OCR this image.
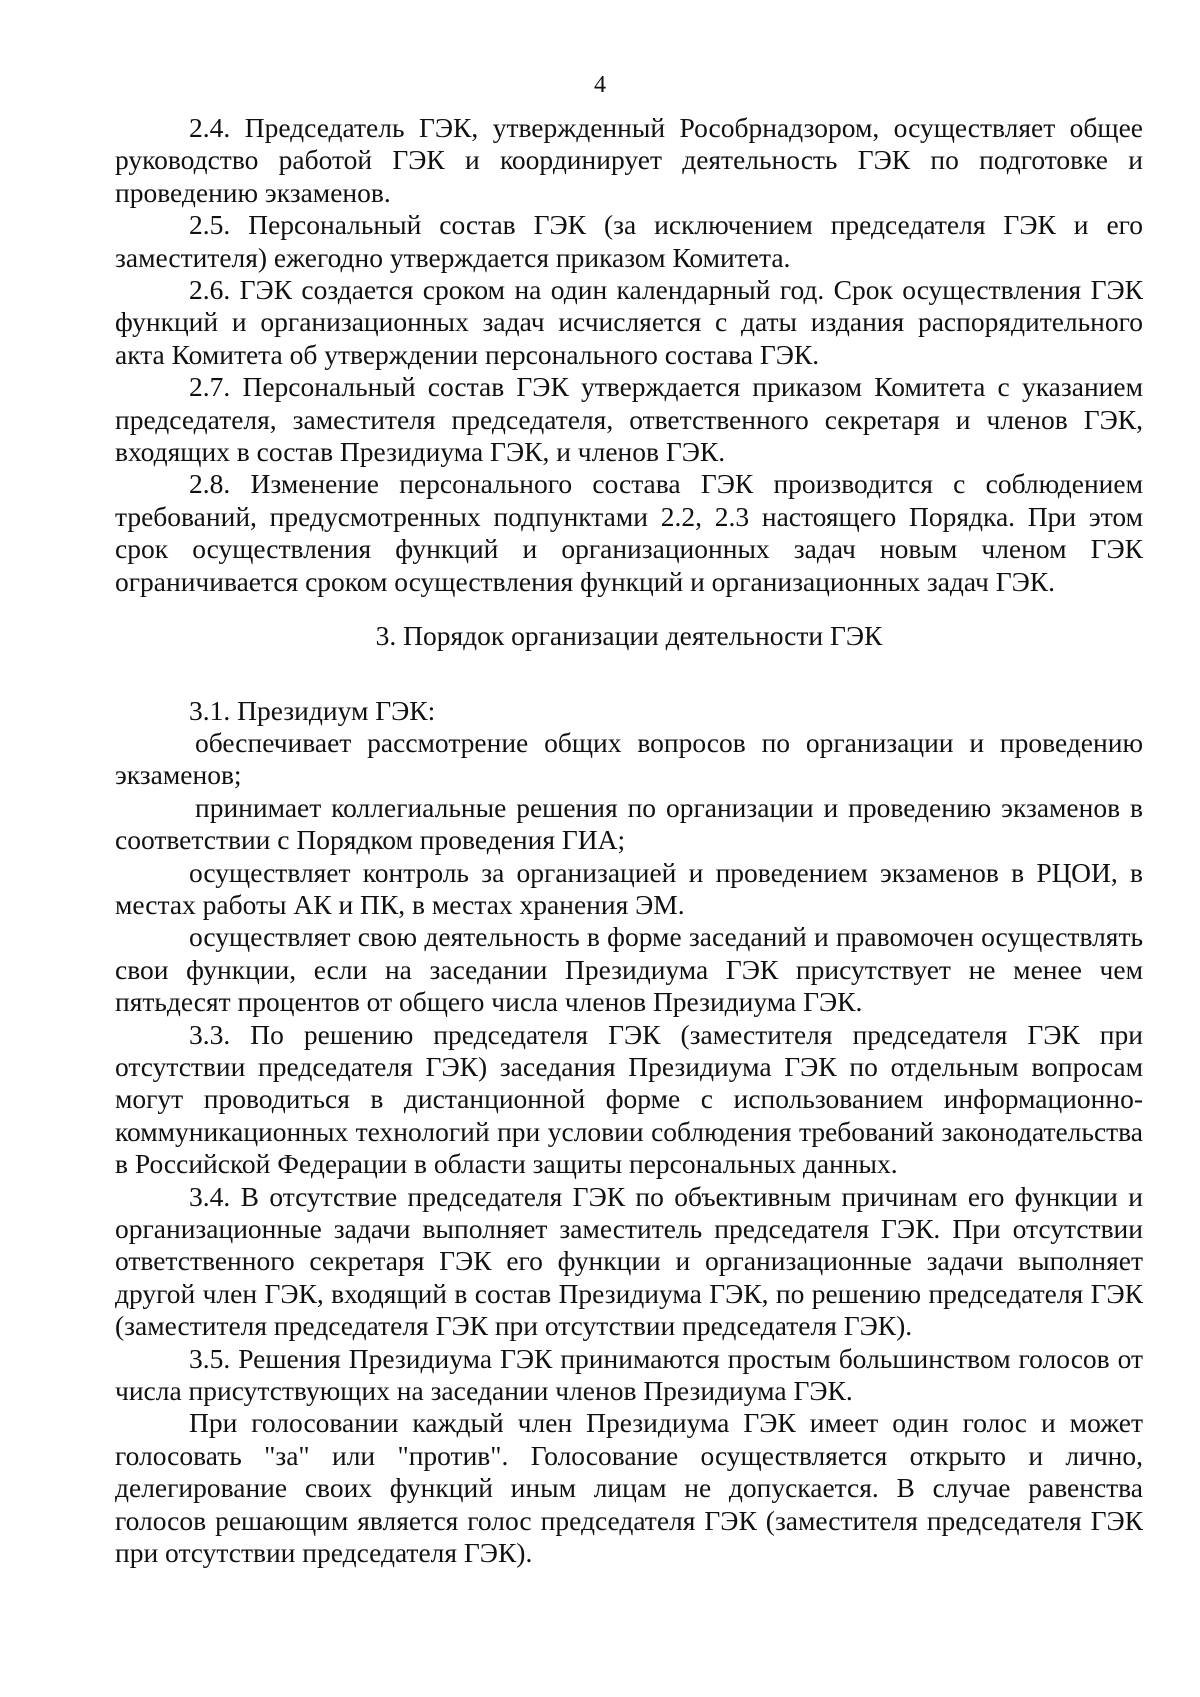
4

2.4. Председатель ГЭК, утвержденный Рособрнадзором, осуществляет общее руководство работой ГЭК и координирует деятельность ГЭК по подготовке и проведению экзаменов.

2.5. Персональный состав ГЭК (за исключением председателя ГЭК и его заместителя) ежегодно утверждается приказом Комитета.

2.6. ГЭК создается сроком на один календарный год. Срок осуществления ГЭК функций и организационных задач исчисляется с даты издания распорядительного акта Комитета об утверждении персонального состава ГЭК.

2.7. Персональный состав ГЭК утверждается приказом Комитета с указанием председателя, заместителя председателя, ответственного секретаря и членов ГЭК, входящих в состав Президиума ГЭК, и членов ГЭК.

2.8. Изменение персонального состава ГЭК производится с соблюдением требований, предусмотренных подпунктами 2.2, 2.3 настоящего Порядка. При этом срок осуществления функций и организационных задач новым членом ГЭК ограничивается сроком осуществления функций и организационных задач ГЭК.

3. Порядок организации деятельности ГЭК

3.1. Президиум ГЭК:

обеспечивает рассмотрение общих вопросов по организации и проведению экзаменов;

принимает коллегиальные решения по организации и проведению экзаменов в соответствии с Порядком проведения ГИА;

осуществляет контроль за организацией и проведением экзаменов в РЦОИ, в местах работы АК и ПК, в местах хранения ЭМ.

осуществляет свою деятельность в форме заседаний и правомочен осуществлять свои функции, если на заседании Президиума ГЭК присутствует не менее чем пятьдесят процентов от общего числа членов Президиума ГЭК.

3.3. По решению председателя ГЭК (заместителя председателя ГЭК при отсутствии председателя ГЭК) заседания Президиума ГЭК по отдельным вопросам могут проводиться в дистанционной форме с использованием информационно-коммуникационных технологий при условии соблюдения требований законодательства в Российской Федерации в области защиты персональных данных.

3.4. В отсутствие председателя ГЭК по объективным причинам его функции и организационные задачи выполняет заместитель председателя ГЭК. При отсутствии ответственного секретаря ГЭК его функции и организационные задачи выполняет другой член ГЭК, входящий в состав Президиума ГЭК, по решению председателя ГЭК (заместителя председателя ГЭК при отсутствии председателя ГЭК).

3.5. Решения Президиума ГЭК принимаются простым большинством голосов от числа присутствующих на заседании членов Президиума ГЭК.

При голосовании каждый член Президиума ГЭК имеет один голос и может голосовать "за" или "против". Голосование осуществляется открыто и лично, делегирование своих функций иным лицам не допускается. В случае равенства голосов решающим является голос председателя ГЭК (заместителя председателя ГЭК при отсутствии председателя ГЭК).
